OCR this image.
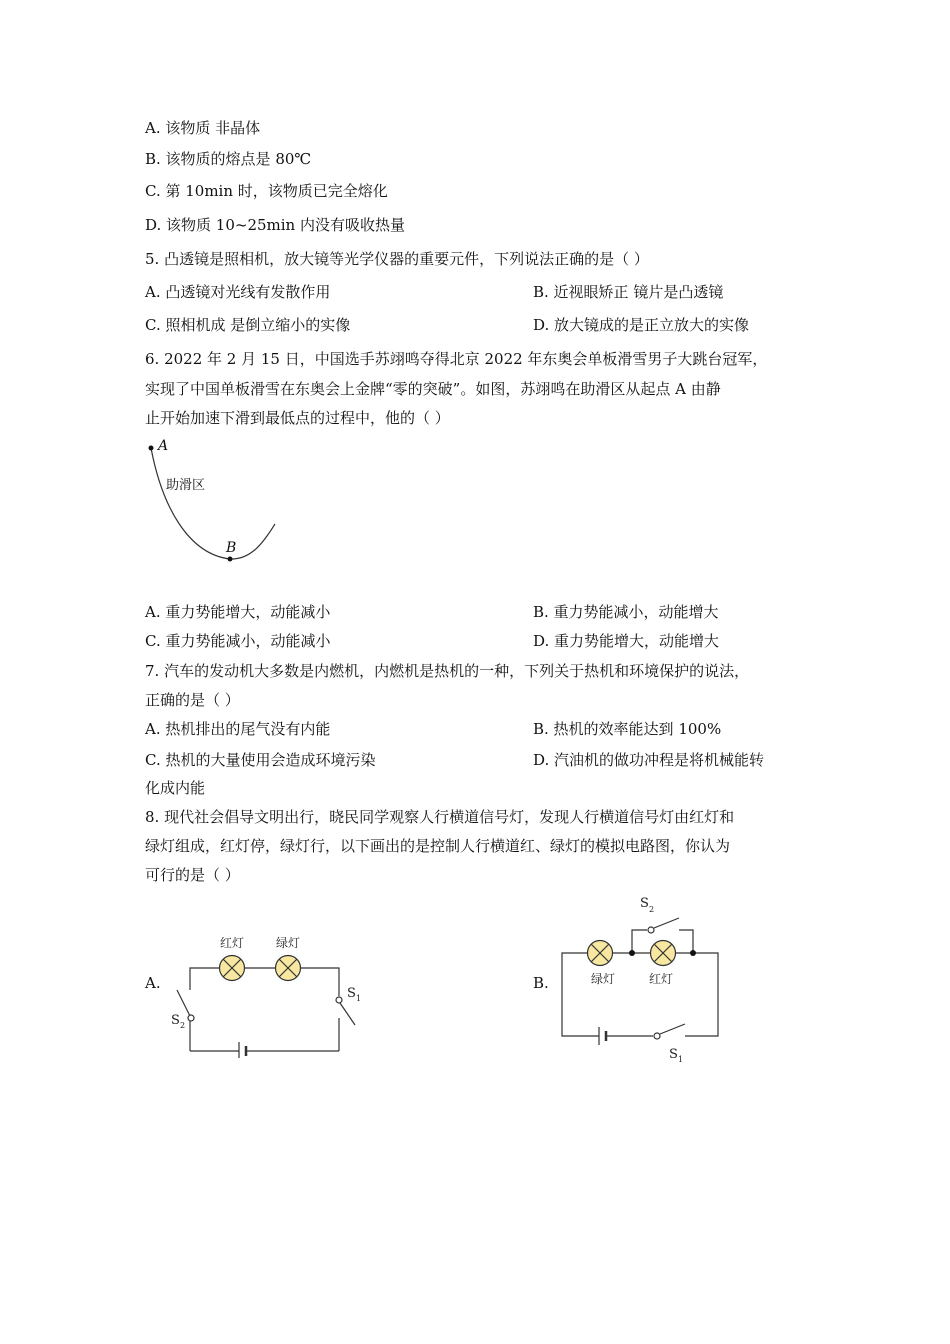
A. 该物质 非晶体
B. 该物质的熔点是 80℃
C. 第 10min 时，该物质已完全熔化
D. 该物质 10~25min 内没有吸收热量
5. 凸透镜是照相机，放大镜等光学仪器的重要元件，下列说法正确的是（ ）
A. 凸透镜对光线有发散作用	B. 近视眼矫正 镜片是凸透镜
C. 照相机成 是倒立缩小的实像	D. 放大镜成的是正立放大的实像
6. 2022 年 2 月 15 日，中国选手苏翊鸣夺得北京 2022 年东奥会单板滑雪男子大跳台冠军，
实现了中国单板滑雪在东奥会上金牌“零的突破”。如图，苏翊鸣在助滑区从起点 A 由静
止开始加速下滑到最低点的过程中，他的（ ）
A
B
助滑区
A. 重力势能增大，动能减小	B. 重力势能减小，动能增大
C. 重力势能减小，动能减小	D. 重力势能增大，动能增大
7. 汽车的发动机大多数是内燃机，内燃机是热机的一种，下列关于热机和环境保护的说法，
正确的是（ ）
A. 热机排出的尾气没有内能	B. 热机的效率能达到 100%
C. 热机的大量使用会造成环境污染	D. 汽油机的做功冲程是将机械能转
化成内能
8. 现代社会倡导文明出行，晓民同学观察人行横道信号灯，发现人行横道信号灯由红灯和
绿灯组成，红灯停，绿灯行，以下画出的是控制人行横道红、绿灯的模拟电路图，你认为
可行的是（ ）
A.
红灯	绿灯
S 2
S 1
B.
S 2
绿灯	红灯
S 1
